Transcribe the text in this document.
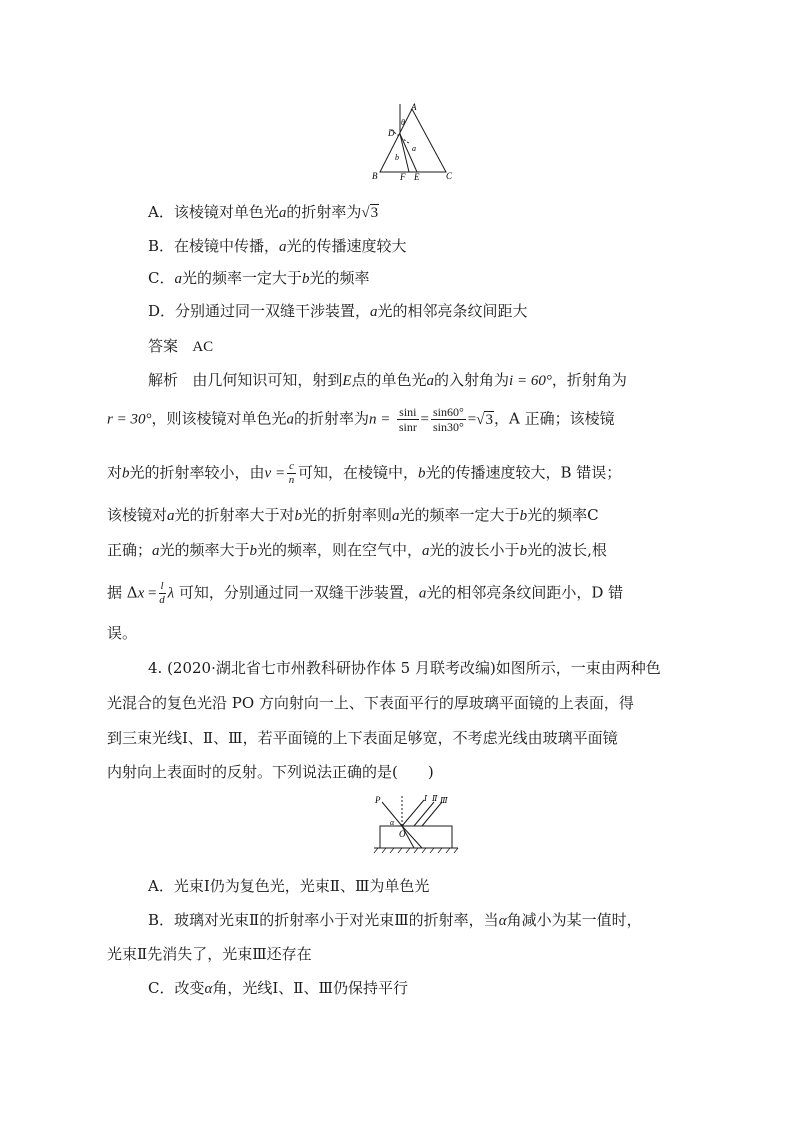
A
θ
D
a
b
B	F E	C
A．该棱镜对单色光a的折射率为√3
B．在棱镜中传播，a光的传播速度较大
C．a光的频率一定大于b光的频率
D．分别通过同一双缝干涉装置，a光的相邻亮条纹间距大
答案 AC
解析 由几何知识可知，射到E点的单色光a的入射角为i = 60°，折射角为
r = 30°，则该棱镜对单色光a的折射率为$n = \frac{\sin i}{\sin r} = \frac{\sin 60^\circ}{\sin 30^\circ} =√3$，A 正确；该棱镜
对b光的折射率较小，由$v = \frac{c}{n}$ 可知，在棱镜中，b光的传播速度较大，B 错误；
该棱镜对a光的折射率大于对b光的折射率则a光的频率一定大于b光的频率C
正确；a光的频率大于b光的频率，则在空气中，a光的波长小于b光的波长,根
据 $\Delta x = \frac{l}{d}$ λ 可知，分别通过同一双缝干涉装置，a光的相邻亮条纹间距小，D 错
误。
4. (2020·湖北省七市州教科研协作体 5 月联考改编)如图所示，一束由两种色
光混合的复色光沿 PO 方向射向一上、下表面平行的厚玻璃平面镜的上表面，得
到三束光线Ⅰ、Ⅱ、Ⅲ，若平面镜的上下表面足够宽，不考虑光线由玻璃平面镜
内射向上表面时的反射。下列说法正确的是(　　)
P
α
O
Ⅰ Ⅱ Ⅲ
A．光束Ⅰ仍为复色光，光束Ⅱ、Ⅲ为单色光
B．玻璃对光束Ⅱ的折射率小于对光束Ⅲ的折射率，当α角减小为某一值时，
光束Ⅱ先消失了，光束Ⅲ还存在
C．改变α角，光线Ⅰ、Ⅱ、Ⅲ仍保持平行
